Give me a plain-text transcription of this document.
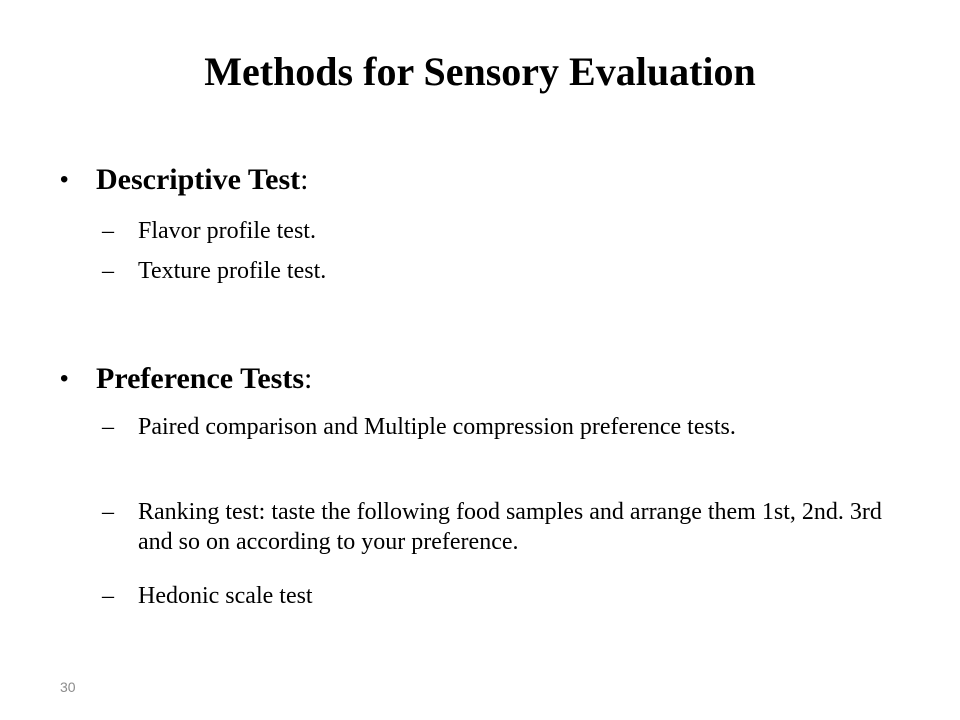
Methods for Sensory Evaluation
• Descriptive Test:
– Flavor profile test.
– Texture profile test.
• Preference Tests:
– Paired comparison and Multiple compression preference tests.
– Ranking test: taste the following food samples and arrange them 1st, 2nd. 3rd and so on according to your preference.
– Hedonic scale test
30
